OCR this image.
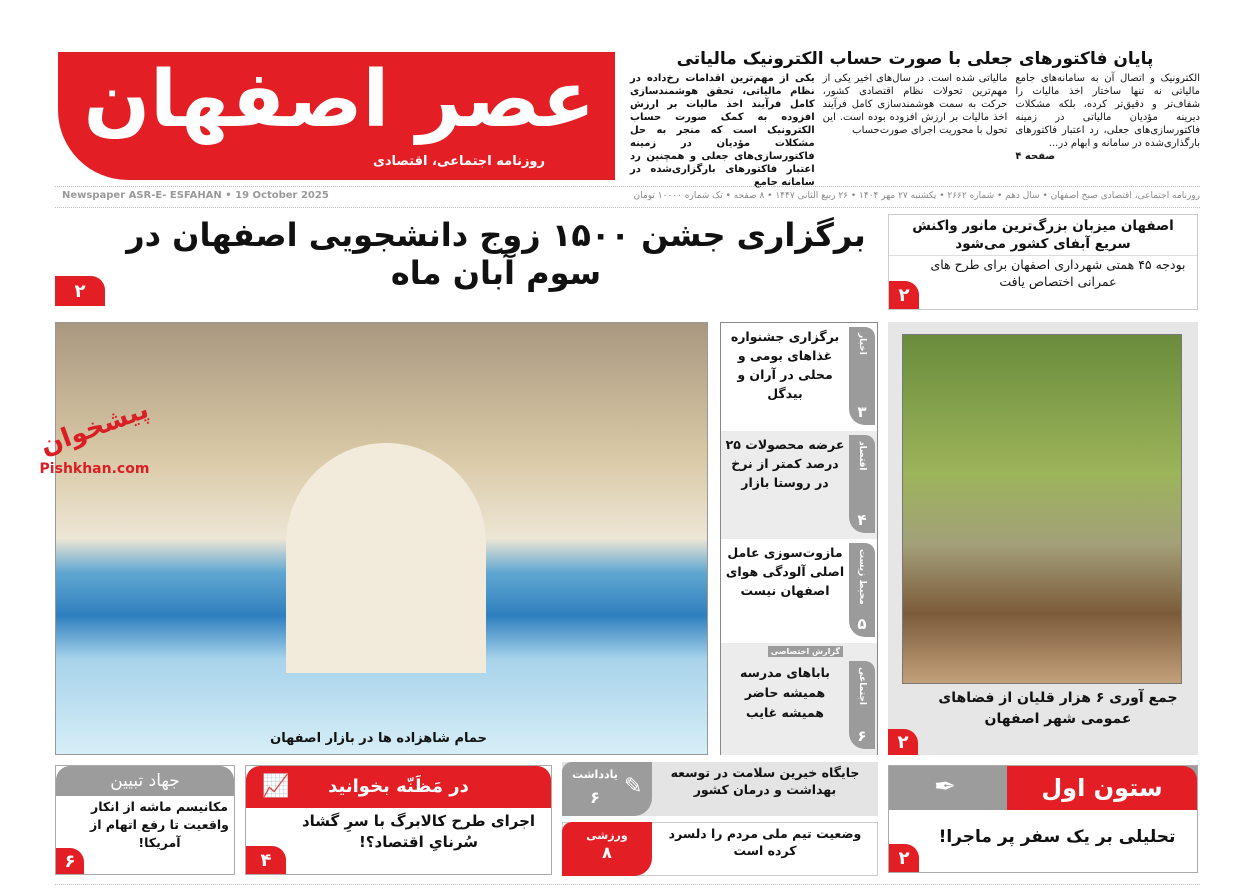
عصر اصفهان
روزنامه اجتماعی، اقتصادی
پایان فاکتورهای جعلی با صورت حساب الکترونیک مالیاتی
یکی از مهم‌ترین اقدامات رخ‌داده در نظام مالیاتی، تحقق هوشمندسازی کامل فرآیند اخذ مالیات بر ارزش افزوده به کمک صورت حساب الکترونیک است که منجر به حل مشکلات مؤدیان در زمینه فاکتورسازی‌های جعلی و همچنین رد اعتبار فاکتورهای بارگزاری‌شده در سامانه جامع
مالیاتی شده است. در سال‌های اخیر یکی از مهم‌ترین تحولات نظام اقتصادی کشور، حرکت به سمت هوشمندسازی کامل فرآیند اخذ مالیات بر ارزش افزوده بوده است. این تحول با محوریت اجرای صورت‌حساب
الکترونیک و اتصال آن به سامانه‌های جامع مالیاتی نه تنها ساختار اخذ مالیات را شفاف‌تر و دقیق‌تر کرده، بلکه مشکلات دیرینه مؤدیان مالیاتی در زمینه فاکتورسازی‌های جعلی، رد اعتبار فاکتورهای بارگذاری‌شده در سامانه و ابهام در...
صفحه ۴
روزنامه اجتماعی، اقتصادی صبح اصفهان • سال دهم • شماره ۲۶۶۲ • یکشنبه ۲۷ مهر ۱۴۰۴ • ۲۶ ربیع الثانی ۱۴۴۷ • ۸ صفحه • تک شماره ۱۰۰۰۰ تومان
Newspaper ASR-E- ESFAHAN • 19 October 2025
برگزاری جشن ۱۵۰۰ زوج دانشجویی اصفهان در سوم آبان ماه
۲
اصفهان میزبان بزرگ‌ترین مانور واکنش سریع آبفای کشور می‌شود
بودجه ۴۵ همتی شهرداری اصفهان برای طرح های عمرانی اختصاص یافت
۲
حمام شاهزاده ها در بازار اصفهان
برگزاری جشنواره غذاهای بومی و محلی در آران و بیدگل
اخبار
۳
عرضه محصولات ۲۵ درصد کمتر از نرخ در روستا بازار
اقتصاد
۴
مازوت‌سوزی عامل اصلی آلودگی هوای اصفهان نیست	محیط زیست
۵
گزارش اختصاصی
باباهای مدرسه همیشه حاضر همیشه غایب
اجتماعی
۶
جمع آوری ۶ هزار قلیان از فضاهای عمومی شهر اصفهان
۲
✒	ستون اول
تحلیلی بر یک سفر پر ماجرا!
۲
جایگاه خیرین سلامت در توسعه بهداشت و درمان کشور
✎
یادداشت
۶
وضعیت تیم ملی مردم را دلسرد کرده است
ورزشی
۸
در مَظَنّه بخوانید
📈
اجرای طرح کالابرگ با سرِ گشاد سُرنایِ اقتصاد؟!
۴
جهاد تبیین
مکانیسم ماشه از انکار واقعیت تا رفع اتهام از آمریکا!
۶
پیشخوان
Pishkhan.com
